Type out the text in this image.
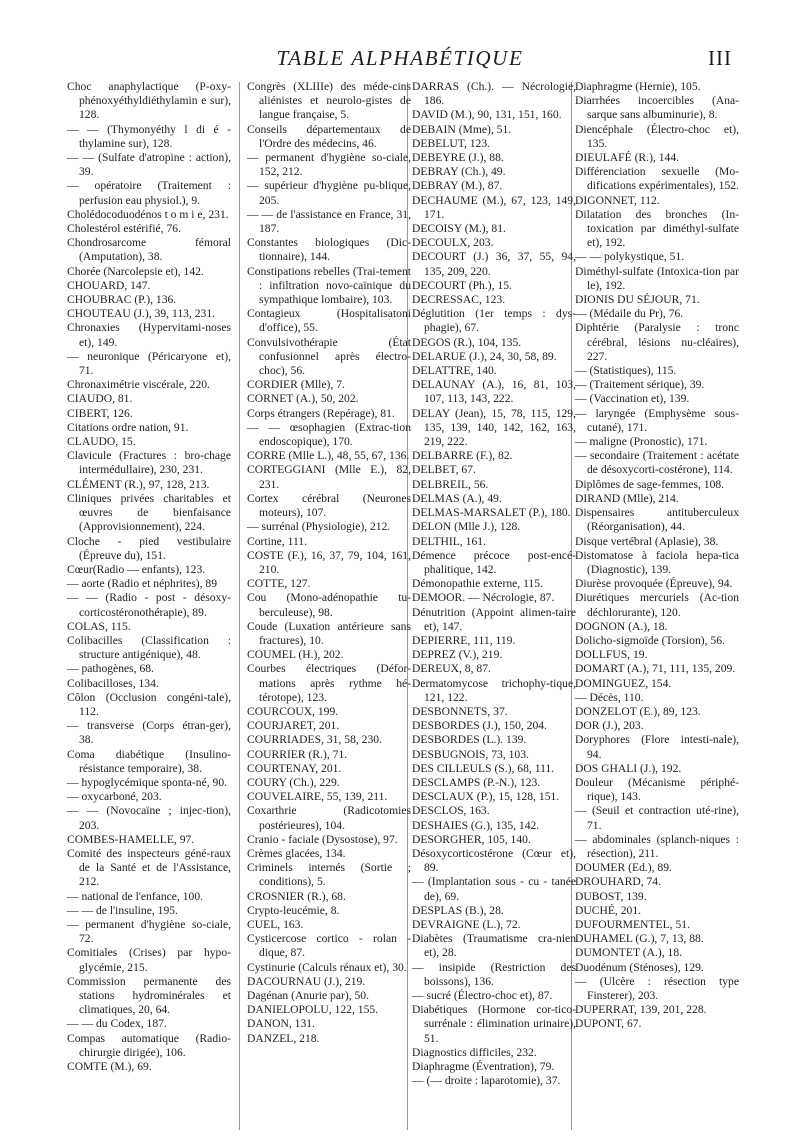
TABLE ALPHABÉTIQUE	III
Choc anaphylactique (P-oxy-phénoxyéthyldiéthylamin e sur), 128.
— — (Thymonyéthy l di é - thylamine sur), 128.
— — (Sulfate d'atropine : action), 39.
— opératoire (Traitement : perfusion eau physiol.), 9.
Cholédocoduodénos t o m i e, 231.
Cholestérol estérifié, 76.
Chondrosarcome fémoral (Amputation), 38.
Chorée (Narcolepsie et), 142.
CHOUARD, 147.
CHOUBRAC (P.), 136.
CHOUTEAU (J.), 39, 113, 231.
Chronaxies (Hypervitami-noses et), 149.
— neuronique (Péricaryone et), 71.
Chronaximétrie viscérale, 220.
CIAUDO, 81.
CIBERT, 126.
Citations ordre nation, 91.
CLAUDO, 15.
Clavicule (Fractures : bro-chage intermédullaire), 230, 231.
CLÉMENT (R.), 97, 128, 213.
Cliniques privées charitables et œuvres de bienfaisance (Approvisionnement), 224.
Cloche - pied vestibulaire (Épreuve du), 151.
Cœur(Radio — enfants), 123.
— aorte (Radio et néphrites), 89
— — (Radio - post - désoxy-corticostéronothérapie), 89.
COLAS, 115.
Colibacilles (Classification : structure antigénique), 48.
— pathogènes, 68.
Colibacilloses, 134.
Côlon (Occlusion congéni-tale), 112.
— transverse (Corps étran-ger), 38.
Coma diabétique (Insulino-résistance temporaire), 38.
— hypoglycémique sponta-né, 90.
— oxycarboné, 203.
— — (Novocaïne ; injec-tion), 203.
COMBES-HAMELLE, 97.
Comité des inspecteurs géné-raux de la Santé et de l'Assistance, 212.
— national de l'enfance, 100.
— — de l'insuline, 195.
— permanent d'hygiène so-ciale, 72.
Comitiales (Crises) par hypo-glycémie, 215.
Commission permanente des stations hydrominérales et climatiques, 20, 64.
— — du Codex, 187.
Compas automatique (Radio-chirurgie dirigée), 106.
COMTE (M.), 69.
Congrès (XLIIIe) des méde-cins aliénistes et neurolo-gistes de langue française, 5.
Conseils départementaux de l'Ordre des médecins, 46.
— permanent d'hygiène so-ciale, 152, 212.
— supérieur d'hygiène pu-blique, 205.
— — de l'assistance en France, 31, 187.
Constantes biologiques (Dic-tionnaire), 144.
Constipations rebelles (Trai-tement : infiltration novo-caïnique du sympathique lombaire), 103.
Contagieux (Hospitalisatoni d'office), 55.
Convulsivothérapie (État confusionnel après électro-choc), 56.
CORDIER (Mlle), 7.
CORNET (A.), 50, 202.
Corps étrangers (Repérage), 81.
— — œsophagien (Extrac-tion endoscopique), 170.
CORRE (Mlle L.), 48, 55, 67, 136.
CORTEGGIANI (Mlle E.), 82, 231.
Cortex cérébral (Neurones moteurs), 107.
— surrénal (Physiologie), 212.
Cortine, 111.
COSTE (F.), 16, 37, 79, 104, 161, 210.
COTTE, 127.
Cou (Mono-adénopathie tu-berculeuse), 98.
Coude (Luxation antérieure sans fractures), 10.
COUMEL (H.), 202.
Courbes électriques (Défor-mations après rythme hé-térotope), 123.
COURCOUX, 199.
COURJARET, 201.
COURRIADES, 31, 58, 230.
COURRIER (R.), 71.
COURTENAY, 201.
COURY (Ch.), 229.
COUVELAIRE, 55, 139, 211.
Coxarthrie (Radicotomies postérieures), 104.
Cranio - faciale (Dysostose), 97.
Crèmes glacées, 134.
Criminels internés (Sortie ; conditions), 5.
CROSNIER (R.), 68.
Crypto-leucémie, 8.
CUEL, 163.
Cysticercose cortico - rolan - dique, 87.
Cystinurie (Calculs rénaux et), 30.
DACOURNAU (J.), 219.
Dagénan (Anurie par), 50.
DANIELOPOLU, 122, 155.
DANON, 131.
DANZEL, 218.
DARRAS (Ch.). — Nécrologie, 186.
DAVID (M.), 90, 131, 151, 160.
DEBAIN (Mme), 51.
DEBELUT, 123.
DEBEYRE (J.), 88.
DEBRAY (Ch.), 49.
DEBRAY (M.), 87.
DECHAUME (M.), 67, 123, 149, 171.
DECOISY (M.), 81.
DECOULX, 203.
DECOURT (J.) 36, 37, 55, 94, 135, 209, 220.
DECOURT (Ph.), 15.
DECRESSAC, 123.
Déglutition (1er temps : dys-phagie), 67.
DEGOS (R.), 104, 135.
DELARUE (J.), 24, 30, 58, 89.
DELATTRE, 140.
DELAUNAY (A.), 16, 81, 103, 107, 113, 143, 222.
DELAY (Jean), 15, 78, 115, 129, 135, 139, 140, 142, 162, 163, 219, 222.
DELBARRE (F.), 82.
DELBET, 67.
DELBREIL, 56.
DELMAS (A.), 49.
DELMAS-MARSALET (P.), 180.
DELON (Mlle J.), 128.
DELTHIL, 161.
Démence précoce post-encé-phalitique, 142.
Démonopathie externe, 115.
DEMOOR. — Nécrologie, 87.
Dénutrition (Appoint alimen-taire et), 147.
DEPIERRE, 111, 119.
DEPREZ (V.), 219.
DEREUX, 8, 87.
Dermatomycose trichophy-tique, 121, 122.
DESBONNETS, 37.
DESBORDES (J.), 150, 204.
DESBORDES (L.). 139.
DESBUGNOIS, 73, 103.
DES CILLEULS (S.), 68, 111.
DESCLAMPS (P.-N.), 123.
DESCLAUX (P.), 15, 128, 151.
DESCLOS, 163.
DESHAIES (G.), 135, 142.
DESORGHER, 105, 140.
Désoxycorticostérone (Cœur et), 89.
— (Implantation sous - cu - tanée de), 69.
DESPLAS (B.), 28.
DEVRAIGNE (L.), 72.
Diabètes (Traumatisme cra-nien et), 28.
— insipide (Restriction des boissons), 136.
— sucré (Électro-choc et), 87.
Diabétiques (Hormone cor-tico-surrénale : élimination urinaire), 51.
Diagnostics difficiles, 232.
Diaphragme (Éventration), 79.
— (— droite : laparotomie), 37.
Diaphragme (Hernie), 105.
Diarrhées incoercibles (Ana-sarque sans albuminurie), 8.
Diencéphale (Électro-choc et), 135.
DIEULAFÉ (R.), 144.
Différenciation sexuelle (Mo-difications expérimentales), 152.
DIGONNET, 112.
Dilatation des bronches (In-toxication par diméthyl-sulfate et), 192.
— — polykystique, 51.
Diméthyl-sulfate (Intoxica-tion par le), 192.
DIONIS DU SÉJOUR, 71.
— (Médaile du Pr), 76.
Diphtérie (Paralysie : tronc cérébral, lésions nu-cléaires), 227.
— (Statistiques), 115.
— (Traitement sérique), 39.
— (Vaccination et), 139.
— laryngée (Emphysème sous-cutané), 171.
— maligne (Pronostic), 171.
— secondaire (Traitement : acétate de désoxycorti-costérone), 114.
Diplômes de sage-femmes, 108.
DIRAND (Mlle), 214.
Dispensaires antituberculeux (Réorganisation), 44.
Disque vertébral (Aplasie), 38.
Distomatose à faciola hepa-tica (Diagnostic), 139.
Diurèse provoquée (Épreuve), 94.
Diurétiques mercuriels (Ac-tion déchlorurante), 120.
DOGNON (A.), 18.
Dolicho-sigmoïde (Torsion), 56.
DOLLFUS, 19.
DOMART (A.), 71, 111, 135, 209.
DOMINGUEZ, 154.
— Décès, 110.
DONZELOT (E.), 89, 123.
DOR (J.), 203.
Doryphores (Flore intesti-nale), 94.
DOS GHALI (J.), 192.
Douleur (Mécanisme périphé-rique), 143.
— (Seuil et contraction uté-rine), 71.
— abdominales (splanch-niques : résection), 211.
DOUMER (Ed.), 89.
DROUHARD, 74.
DUBOST, 139.
DUCHÉ, 201.
DUFOURMENTEL, 51.
DUHAMEL (G.), 7, 13, 88.
DUMONTET (A.), 18.
Duodénum (Sténoses), 129.
— (Ulcère : résection type Finsterer), 203.
DUPERRAT, 139, 201, 228.
DUPONT, 67.
